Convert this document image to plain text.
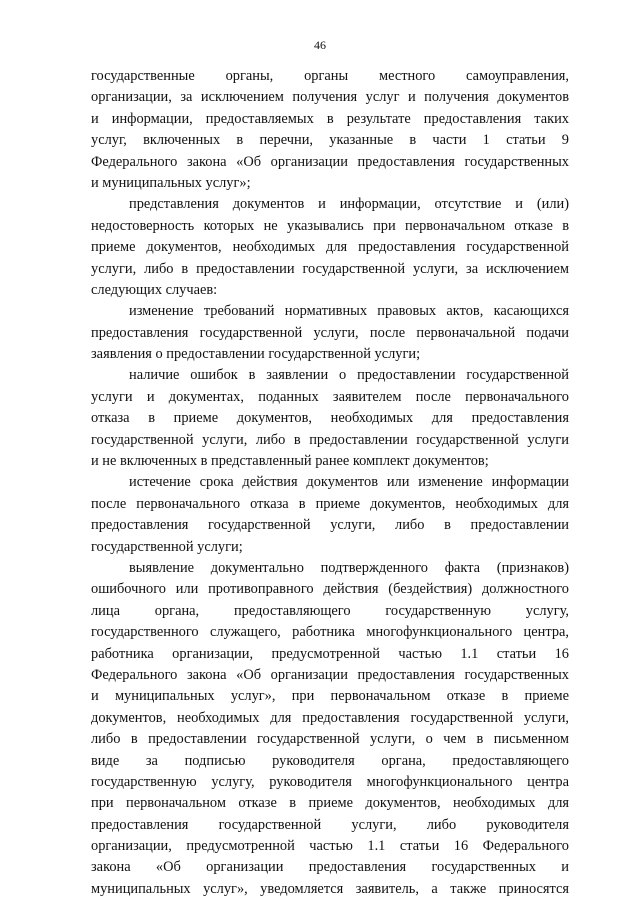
46
государственные органы, органы местного самоуправления,
организации, за исключением получения услуг и получения документов
и информации, предоставляемых в результате предоставления таких
услуг, включенных в перечни, указанные в части 1 статьи 9
Федерального закона «Об организации предоставления государственных
и муниципальных услуг»;
представления документов и информации, отсутствие и (или)
недостоверность которых не указывались при первоначальном отказе в
приеме документов, необходимых для предоставления государственной
услуги, либо в предоставлении государственной услуги, за исключением
следующих случаев:
изменение требований нормативных правовых актов, касающихся
предоставления государственной услуги, после первоначальной подачи
заявления о предоставлении государственной услуги;
наличие ошибок в заявлении о предоставлении государственной
услуги и документах, поданных заявителем после первоначального
отказа в приеме документов, необходимых для предоставления
государственной услуги, либо в предоставлении государственной услуги
и не включенных в представленный ранее комплект документов;
истечение срока действия документов или изменение информации
после первоначального отказа в приеме документов, необходимых для
предоставления государственной услуги, либо в предоставлении
государственной услуги;
выявление документально подтвержденного факта (признаков)
ошибочного или противоправного действия (бездействия) должностного
лица органа, предоставляющего государственную услугу,
государственного служащего, работника многофункционального центра,
работника организации, предусмотренной частью 1.1 статьи 16
Федерального закона «Об организации предоставления государственных
и муниципальных услуг», при первоначальном отказе в приеме
документов, необходимых для предоставления государственной услуги,
либо в предоставлении государственной услуги, о чем в письменном
виде за подписью руководителя органа, предоставляющего
государственную услугу, руководителя многофункционального центра
при первоначальном отказе в приеме документов, необходимых для
предоставления государственной услуги, либо руководителя
организации, предусмотренной частью 1.1 статьи 16 Федерального
закона «Об организации предоставления государственных и
муниципальных услуг», уведомляется заявитель, а также приносятся
